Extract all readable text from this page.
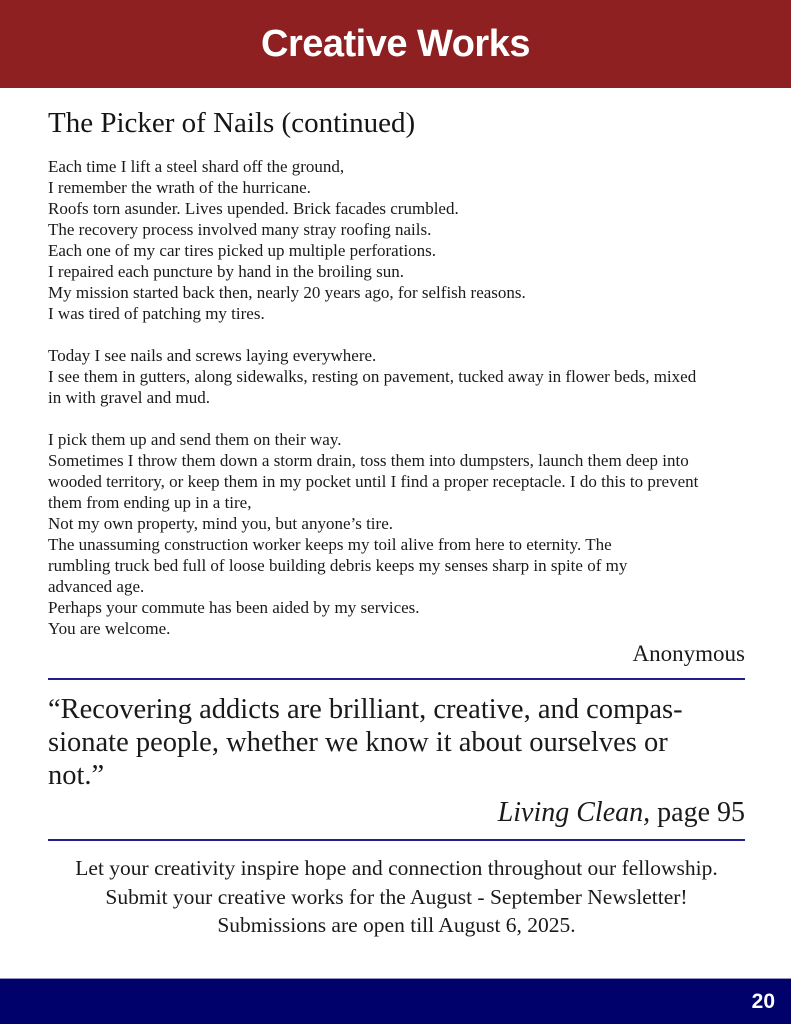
Creative Works
The Picker of Nails (continued)
Each time I lift a steel shard off the ground,
I remember the wrath of the hurricane.
Roofs torn asunder. Lives upended. Brick facades crumbled.
The recovery process involved many stray roofing nails.
Each one of my car tires picked up multiple perforations.
I repaired each puncture by hand in the broiling sun.
My mission started back then, nearly 20 years ago, for selfish reasons.
I was tired of patching my tires.
Today I see nails and screws laying everywhere.
I see them in gutters, along sidewalks, resting on pavement, tucked away in flower beds, mixed
in with gravel and mud.
I pick them up and send them on their way.
Sometimes I throw them down a storm drain, toss them into dumpsters, launch them deep into
wooded territory, or keep them in my pocket until I find a proper receptacle. I do this to prevent
them from ending up in a tire,
Not my own property, mind you, but anyone’s tire.
The unassuming construction worker keeps my toil alive from here to eternity. The
rumbling truck bed full of loose building debris keeps my senses sharp in spite of my
advanced age.
Perhaps your commute has been aided by my services.
You are welcome.
Anonymous
“Recovering addicts are brilliant, creative, and compas-
sionate people, whether we know it about ourselves or
not.”
Living Clean, page 95
Let your creativity inspire hope and connection throughout our fellowship.
Submit your creative works for the August - September Newsletter!
Submissions are open till August 6, 2025.
20
